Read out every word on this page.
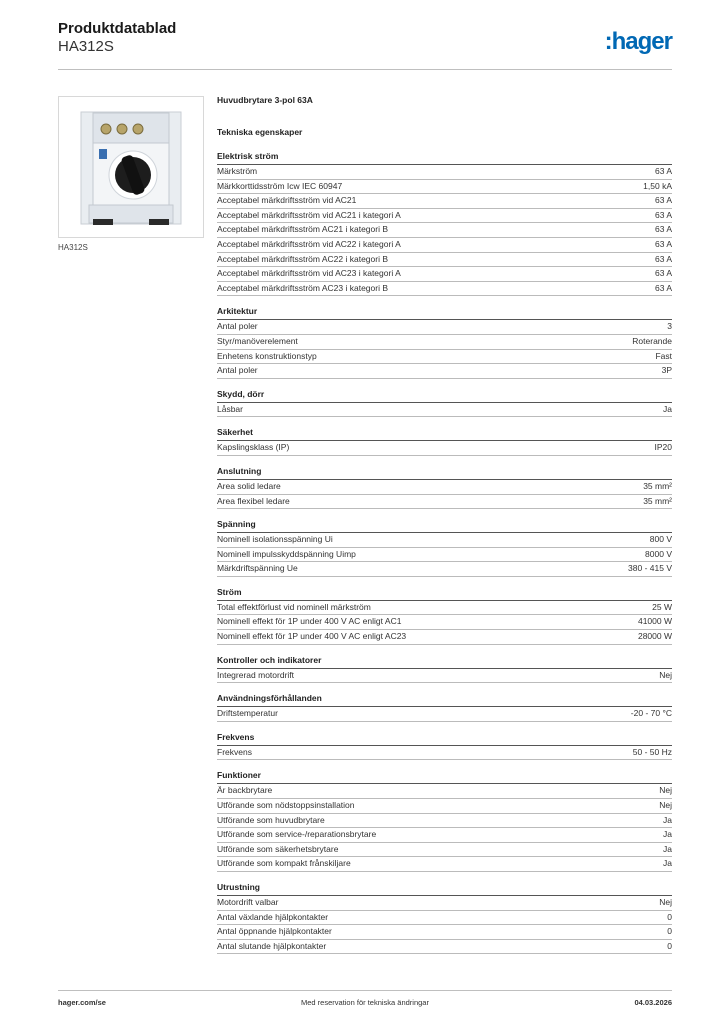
Produktdatablad
HA312S	:hager
HA312S
Huvudbrytare 3-pol 63A
Tekniska egenskaper
Elektrisk ström
Märkström	63 A
Märkkorttidsström Icw IEC 60947	1,50 kA
Acceptabel märkdriftsström vid AC21	63 A
Acceptabel märkdriftsström vid AC21 i kategori A	63 A
Acceptabel märkdriftsström AC21 i kategori B	63 A
Acceptabel märkdriftsström vid AC22 i kategori A	63 A
Acceptabel märkdriftsström AC22 i kategori B	63 A
Acceptabel märkdriftsström vid AC23 i kategori A	63 A
Acceptabel märkdriftsström AC23 i kategori B	63 A
Arkitektur
Antal poler	3
Styr/manöverelement	Roterande
Enhetens konstruktionstyp	Fast
Antal poler	3P
Skydd, dörr
Låsbar	Ja
Säkerhet
Kapslingsklass (IP)	IP20
Anslutning
Area solid ledare	35 mm²
Area flexibel ledare	35 mm²
Spänning
Nominell isolationsspänning Ui	800 V
Nominell impulsskyddspänning Uimp	8000 V
Märkdriftspänning Ue	380 - 415 V
Ström
Total effektförlust vid nominell märkström	25 W
Nominell effekt för 1P under 400 V AC enligt AC1	41000 W
Nominell effekt för 1P under 400 V AC enligt AC23	28000 W
Kontroller och indikatorer
Integrerad motordrift	Nej
Användningsförhållanden
Driftstemperatur	-20 - 70 °C
Frekvens
Frekvens	50 - 50 Hz
Funktioner
Är backbrytare	Nej
Utförande som nödstoppsinstallation	Nej
Utförande som huvudbrytare	Ja
Utförande som service-/reparationsbrytare	Ja
Utförande som säkerhetsbrytare	Ja
Utförande som kompakt frånskiljare	Ja
Utrustning
Motordrift valbar	Nej
Antal växlande hjälpkontakter	0
Antal öppnande hjälpkontakter	0
Antal slutande hjälpkontakter	0
hager.com/se	Med reservation för tekniska ändringar	04.03.2026
